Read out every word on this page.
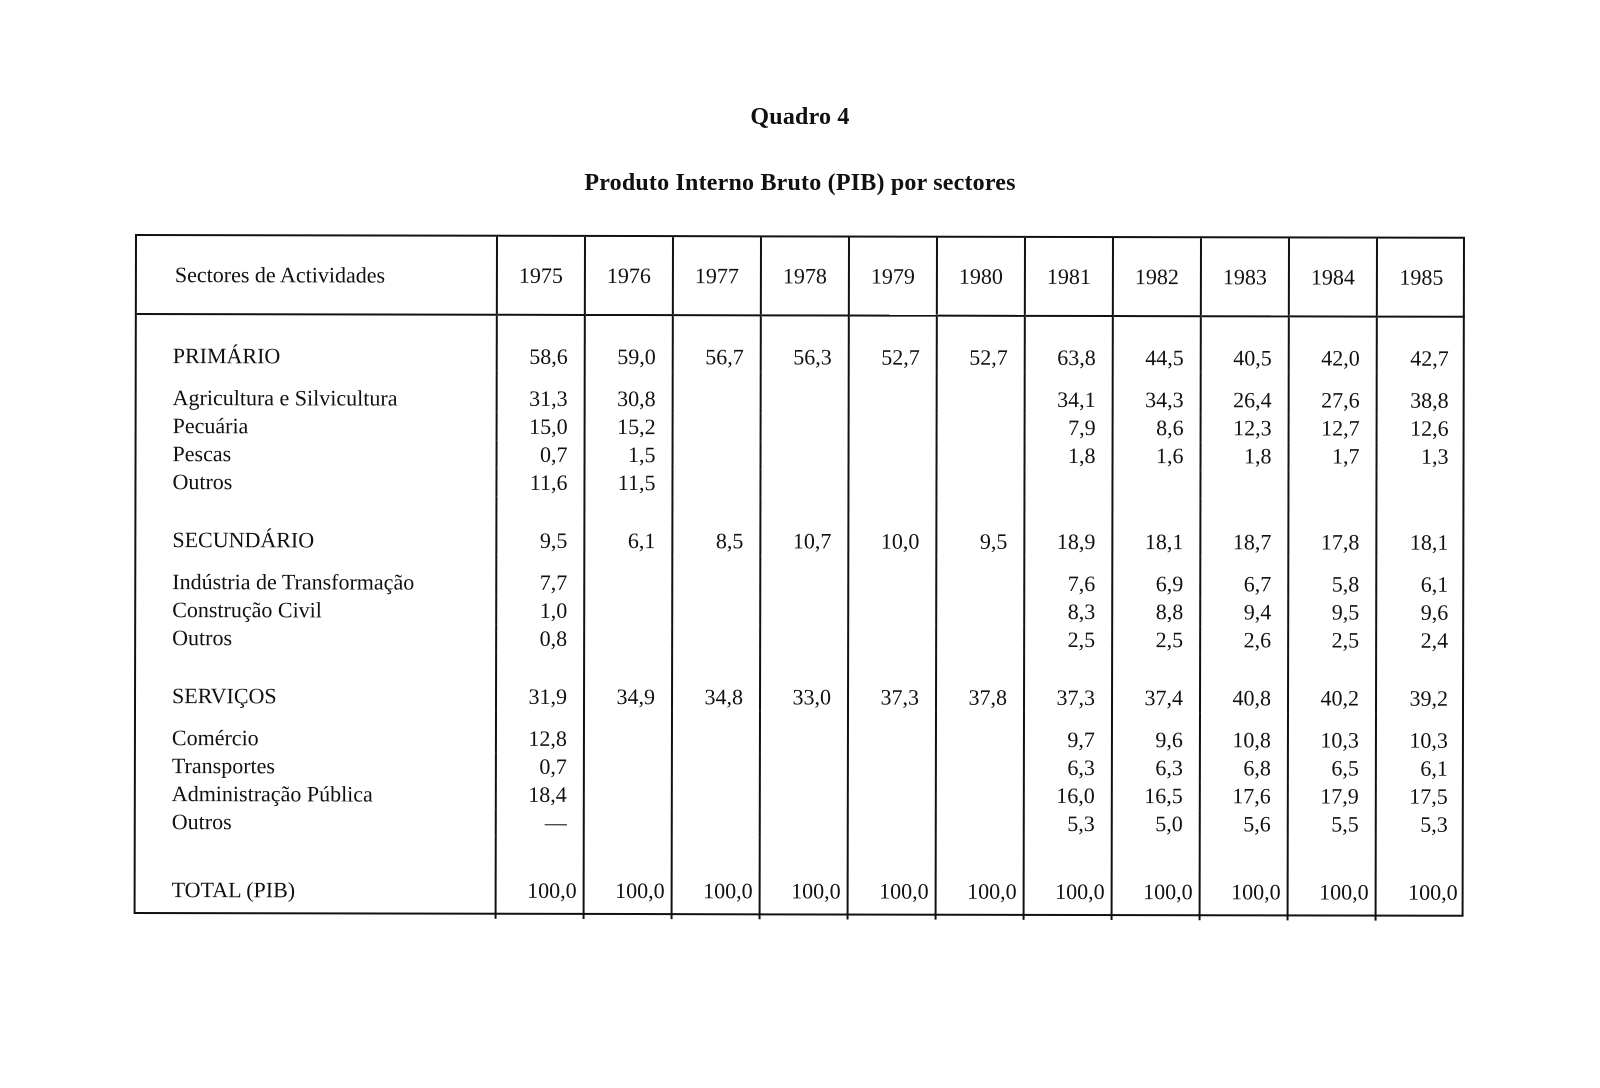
Quadro 4
Produto Interno Bruto (PIB) por sectores
Sectores de Actividades	1975	1976	1977	1978	1979	1980	1981	1982	1983	1984	1985
PRIMÁRIO	58,6	59,0	56,7	56,3	52,7	52,7	63,8	44,5	40,5	42,0	42,7
Agricultura e Silvicultura	31,3	30,8					34,1	34,3	26,4	27,6	38,8
Pecuária	15,0	15,2					7,9	8,6	12,3	12,7	12,6
Pescas	0,7	1,5					1,8	1,6	1,8	1,7	1,3
Outros	11,6	11,5									
SECUNDÁRIO	9,5	6,1	8,5	10,7	10,0	9,5	18,9	18,1	18,7	17,8	18,1
Indústria de Transformação	7,7						7,6	6,9	6,7	5,8	6,1
Construção Civil	1,0						8,3	8,8	9,4	9,5	9,6
Outros	0,8						2,5	2,5	2,6	2,5	2,4
SERVIÇOS	31,9	34,9	34,8	33,0	37,3	37,8	37,3	37,4	40,8	40,2	39,2
Comércio	12,8						9,7	9,6	10,8	10,3	10,3
Transportes	0,7						6,3	6,3	6,8	6,5	6,1
Administração Pública	18,4						16,0	16,5	17,6	17,9	17,5
Outros	—						5,3	5,0	5,6	5,5	5,3
TOTAL (PIB)	100,0	100,0	100,0	100,0	100,0	100,0	100,0	100,0	100,0	100,0	100,0
